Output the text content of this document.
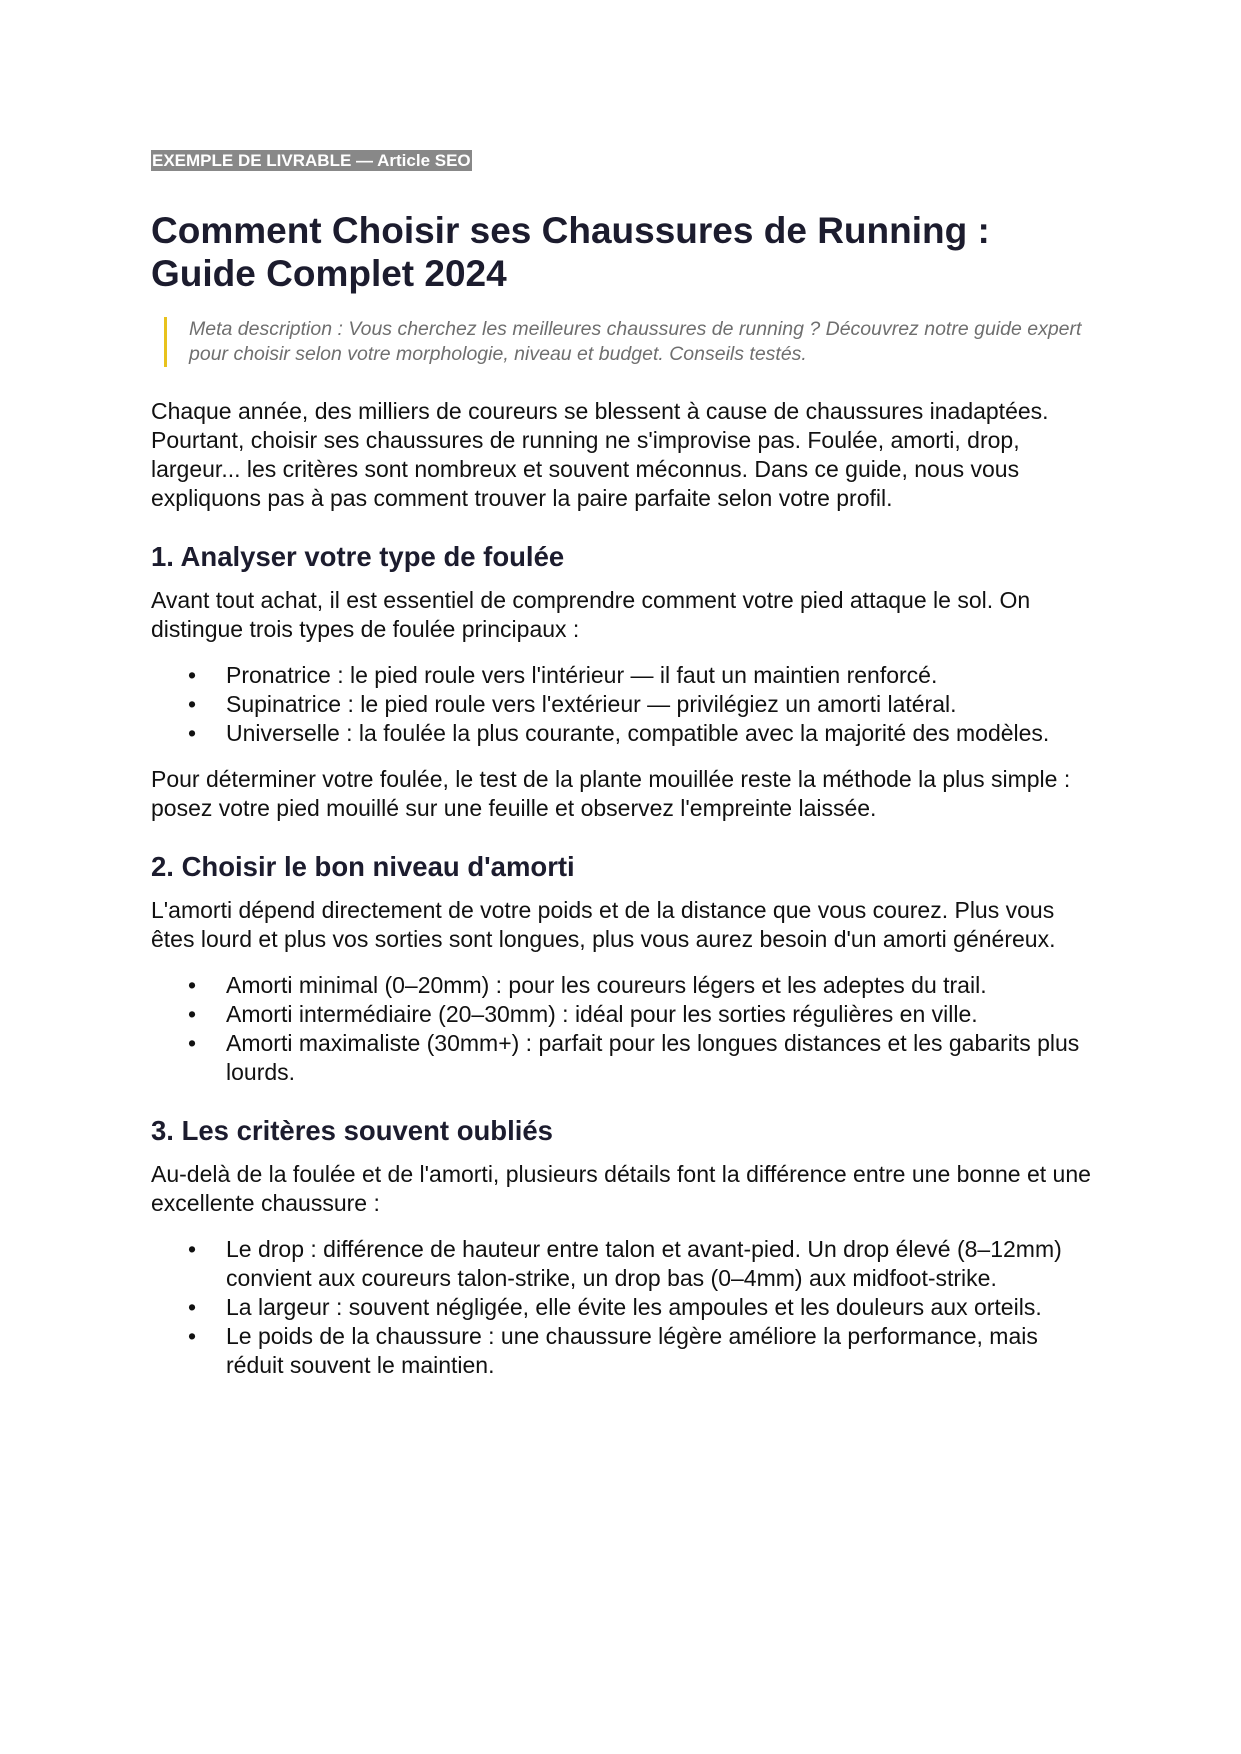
EXEMPLE DE LIVRABLE — Article SEO
Comment Choisir ses Chaussures de Running : Guide Complet 2024
Meta description : Vous cherchez les meilleures chaussures de running ? Découvrez notre guide expert pour choisir selon votre morphologie, niveau et budget. Conseils testés.

Chaque année, des milliers de coureurs se blessent à cause de chaussures inadaptées. Pourtant, choisir ses chaussures de running ne s'improvise pas. Foulée, amorti, drop, largeur... les critères sont nombreux et souvent méconnus. Dans ce guide, nous vous expliquons pas à pas comment trouver la paire parfaite selon votre profil.

1. Analyser votre type de foulée

Avant tout achat, il est essentiel de comprendre comment votre pied attaque le sol. On distingue trois types de foulée principaux :

• Pronatrice : le pied roule vers l'intérieur — il faut un maintien renforcé.
• Supinatrice : le pied roule vers l'extérieur — privilégiez un amorti latéral.
• Universelle : la foulée la plus courante, compatible avec la majorité des modèles.

Pour déterminer votre foulée, le test de la plante mouillée reste la méthode la plus simple : posez votre pied mouillé sur une feuille et observez l'empreinte laissée.

2. Choisir le bon niveau d'amorti

L'amorti dépend directement de votre poids et de la distance que vous courez. Plus vous êtes lourd et plus vos sorties sont longues, plus vous aurez besoin d'un amorti généreux.

• Amorti minimal (0–20mm) : pour les coureurs légers et les adeptes du trail.
• Amorti intermédiaire (20–30mm) : idéal pour les sorties régulières en ville.
• Amorti maximaliste (30mm+) : parfait pour les longues distances et les gabarits plus lourds.
3. Les critères souvent oubliés

Au-delà de la foulée et de l'amorti, plusieurs détails font la différence entre une bonne et une excellente chaussure :

• Le drop : différence de hauteur entre talon et avant-pied. Un drop élevé (8–12mm) convient aux coureurs talon-strike, un drop bas (0–4mm) aux midfoot-strike.
• La largeur : souvent négligée, elle évite les ampoules et les douleurs aux orteils.
• Le poids de la chaussure : une chaussure légère améliore la performance, mais réduit souvent le maintien.
